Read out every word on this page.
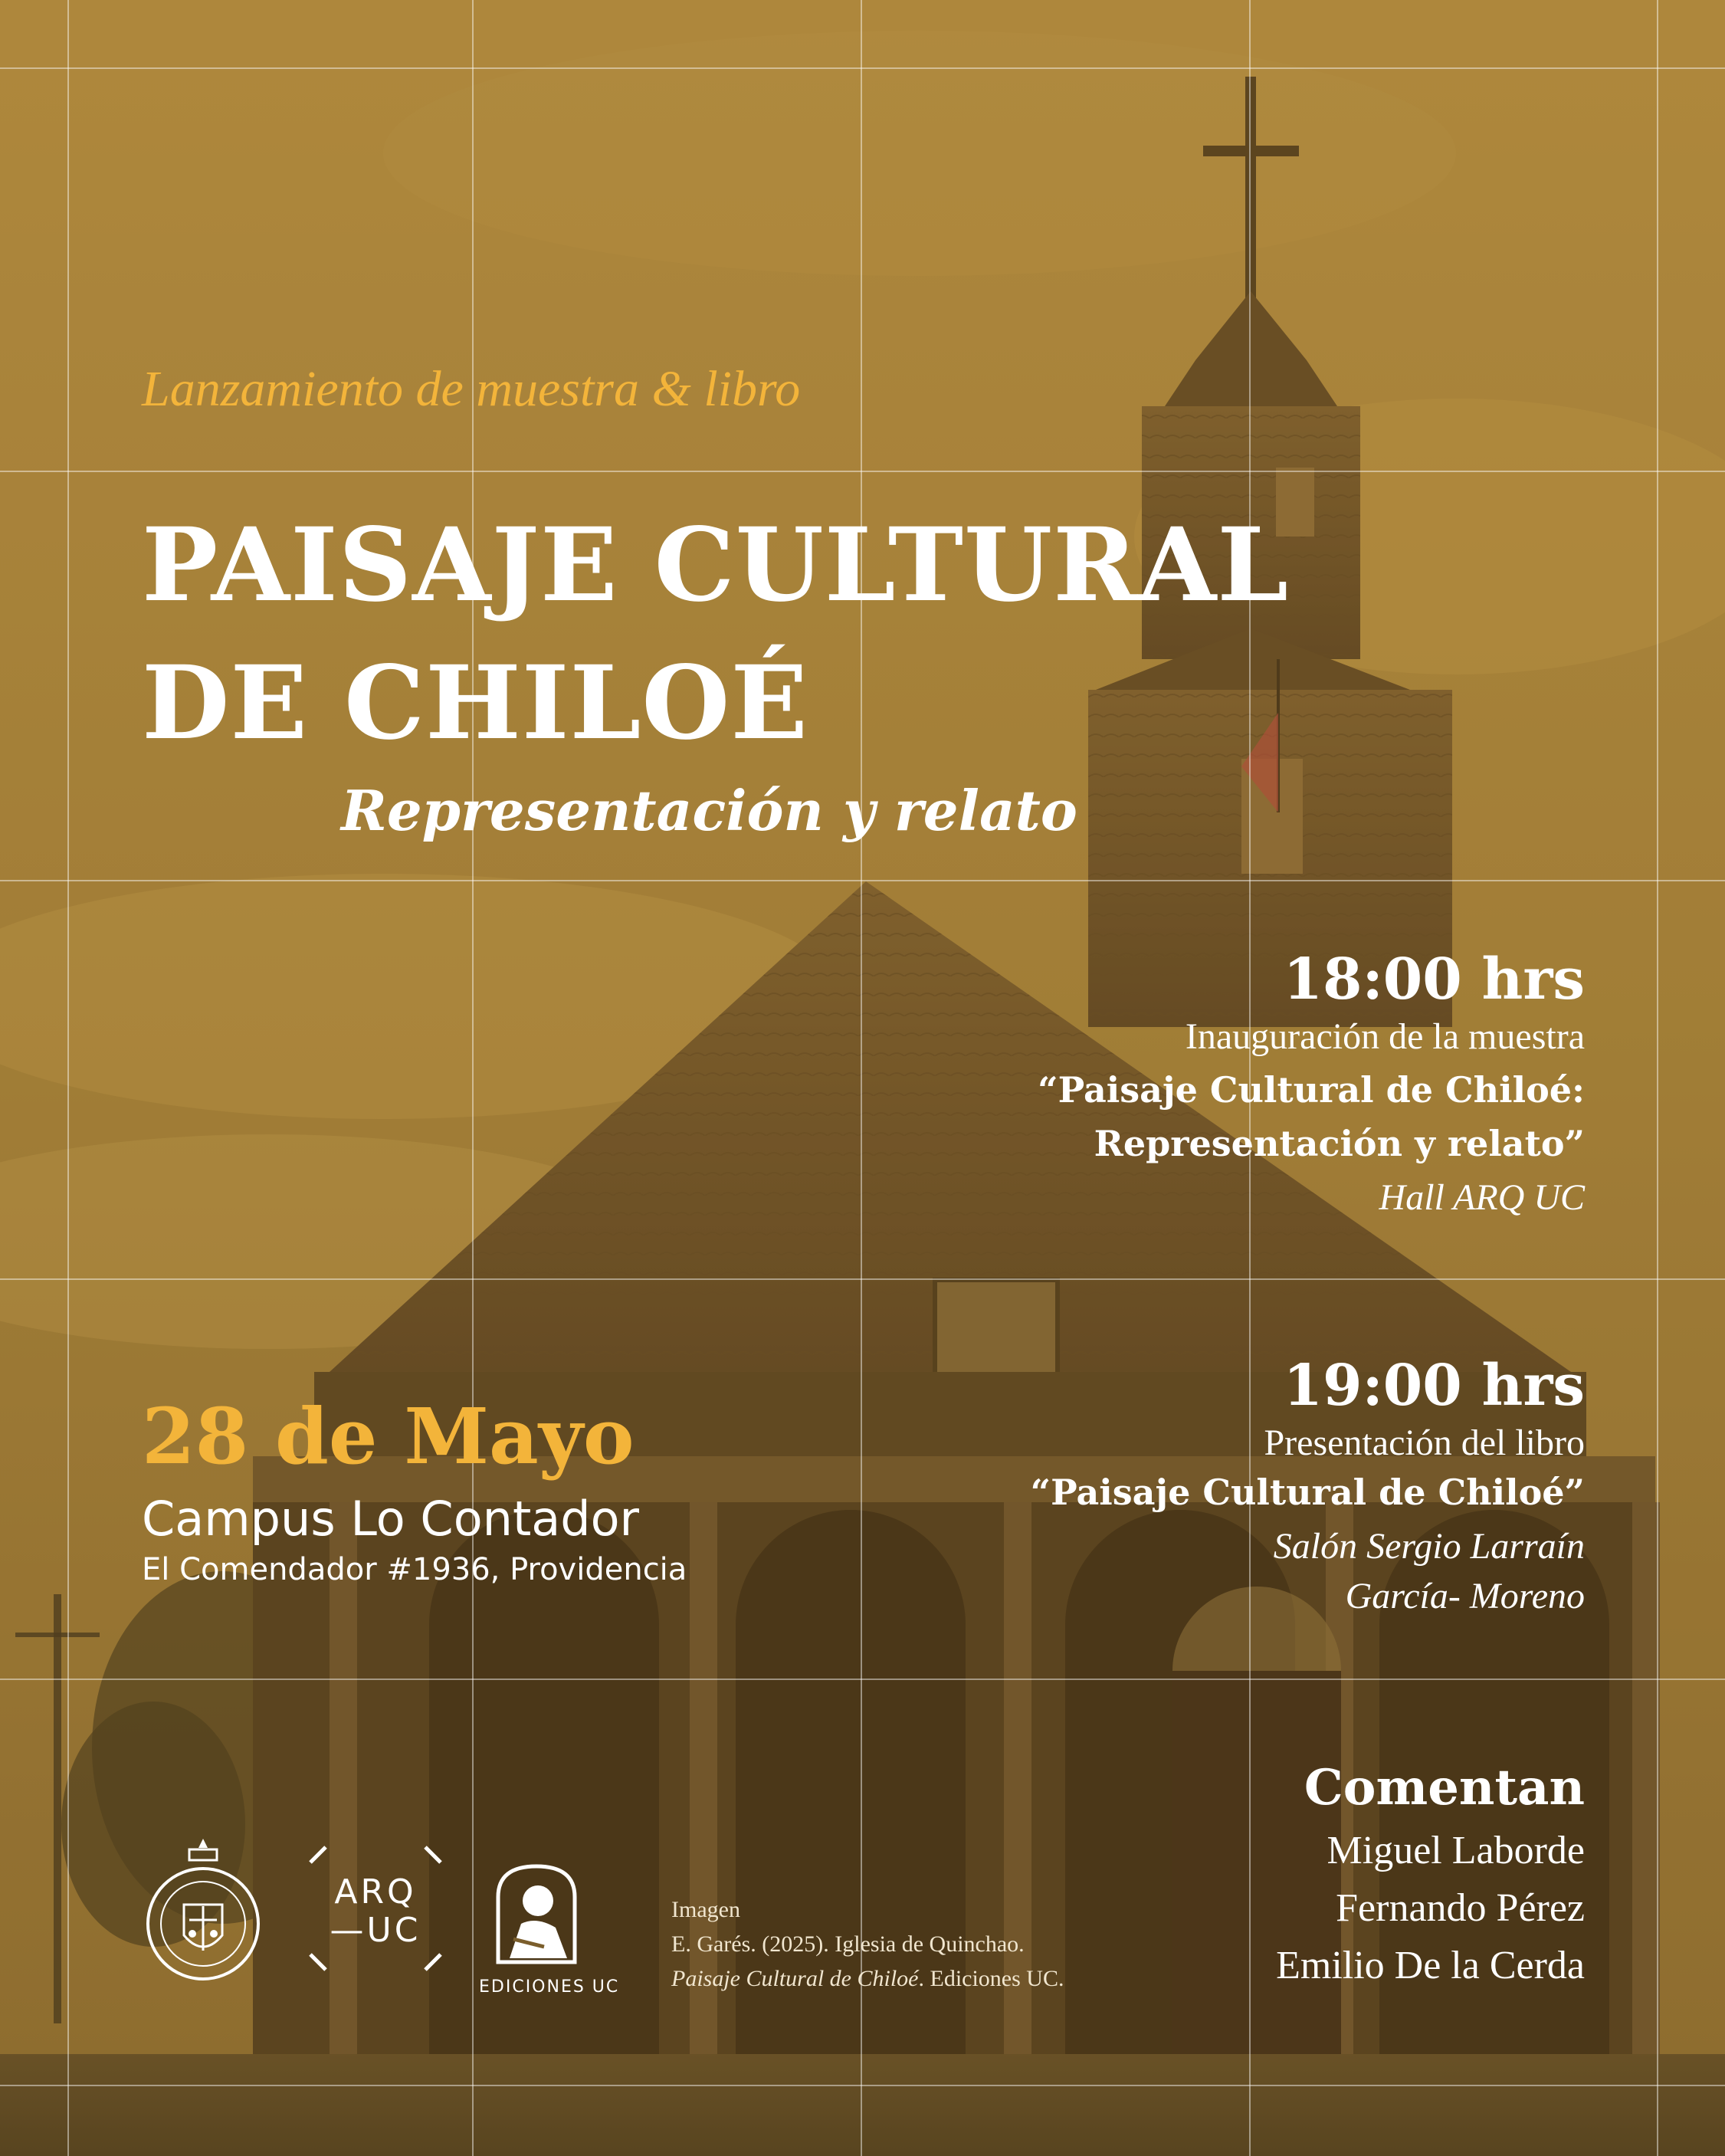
Lanzamiento de muestra & libro

PAISAJE CULTURAL

DE CHILOÉ

Representación y relato

18:00 hrs

Inauguración de la muestra

“Paisaje Cultural de Chiloé:

Representación y relato”

Hall ARQ UC

19:00 hrs

Presentación del libro

“Paisaje Cultural de Chiloé”

Salón Sergio Larraín

García- Moreno

Comentan

Miguel Laborde

Fernando Pérez

Emilio De la Cerda

28 de Mayo

Campus Lo Contador

El Comendador #1936, Providencia

ARQ
—UC
EDICIONES UC

Imagen

E. Garés. (2025). Iglesia de Quinchao.

Paisaje Cultural de Chiloé. Ediciones UC.
